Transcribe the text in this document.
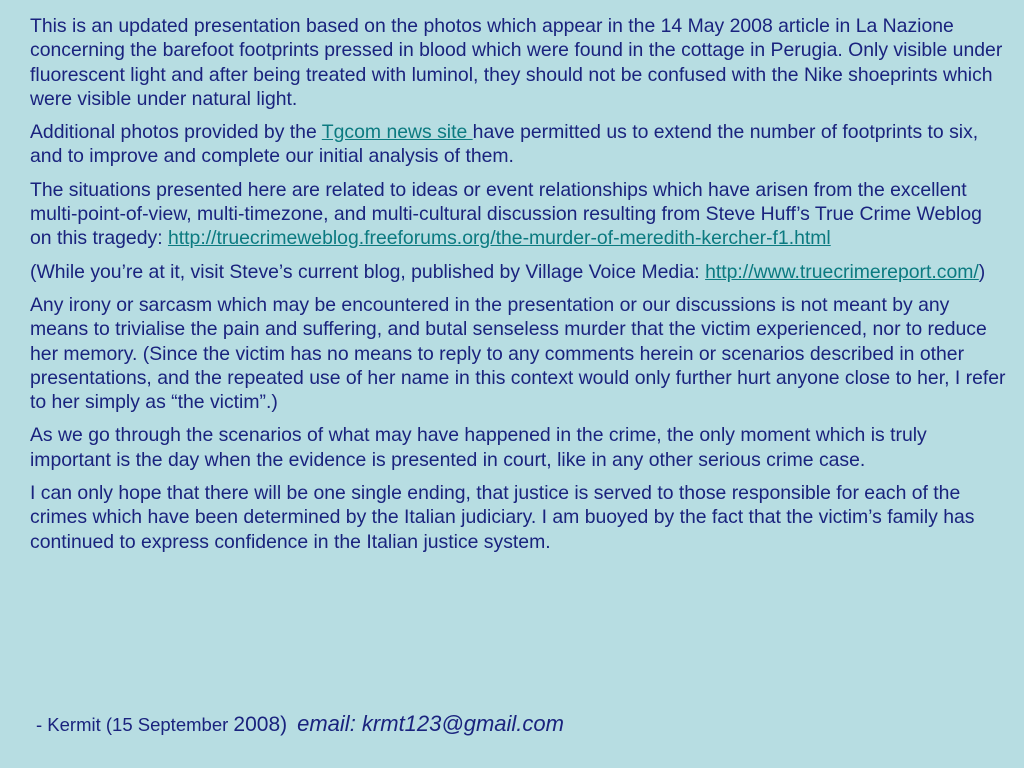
This is an updated presentation based on the photos which appear in the 14 May 2008 article in La Nazione concerning the barefoot footprints pressed in blood which were found in the cottage in Perugia. Only visible under fluorescent light and after being treated with luminol, they should not be confused with the Nike shoeprints which were visible under natural light.

Additional photos provided by the Tgcom news site have permitted us to extend the number of footprints to six, and to improve and complete our initial analysis of them.

The situations presented here are related to ideas or event relationships which have arisen from the excellent multi-point-of-view, multi-timezone, and multi-cultural discussion resulting from Steve Huff’s True Crime Weblog on this tragedy: http://truecrimeweblog.freeforums.org/the-murder-of-meredith-kercher-f1.html

(While you’re at it, visit Steve’s current blog, published by Village Voice Media: http://www.truecrimereport.com/)

Any irony or sarcasm which may be encountered in the presentation or our discussions is not meant by any means to trivialise the pain and suffering, and butal senseless murder that the victim experienced, nor to reduce her memory. (Since the victim has no means to reply to any comments herein or scenarios described in other presentations, and the repeated use of her name in this context would only further hurt anyone close to her, I refer to her simply as “the victim”.)

As we go through the scenarios of what may have happened in the crime, the only moment which is truly important is the day when the evidence is presented in court, like in any other serious crime case.

I can only hope that there will be one single ending, that justice is served to those responsible for each of the crimes which have been determined by the Italian judiciary. I am buoyed by the fact that the victim’s family has continued to express confidence in the Italian justice system.

- Kermit (15 September 2008) email: krmt123@gmail.com
